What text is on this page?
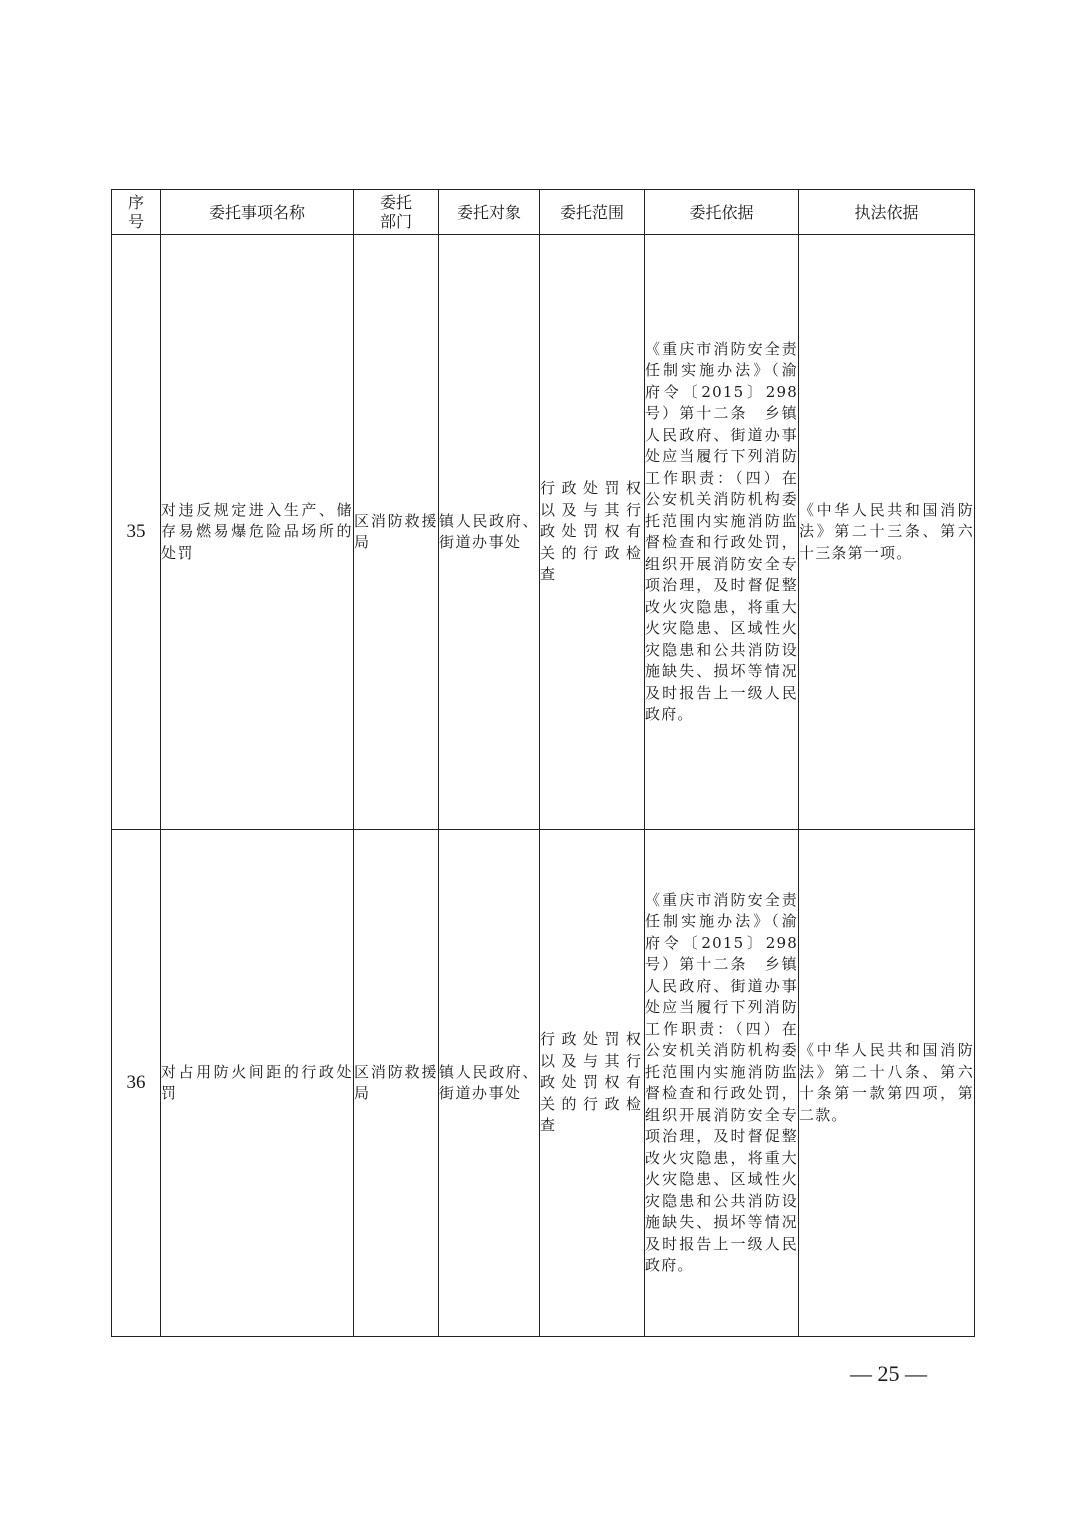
序号	委托事项名称	委托部门	委托对象	委托范围	委托依据	执法依据
35	对违反规定进入生产、储存易燃易爆危险品场所的处罚	区消防救援局	镇人民政府、街道办事处	行政处罚权以及与其行政处罚权有关的行政检查	《重庆市消防安全责任制实施办法》（渝府令〔2015〕298号）第十二条　乡镇人民政府、街道办事处应当履行下列消防工作职责：（四）在公安机关消防机构委托范围内实施消防监督检查和行政处罚，组织开展消防安全专项治理，及时督促整改火灾隐患，将重大火灾隐患、区域性火灾隐患和公共消防设施缺失、损坏等情况及时报告上一级人民政府。	《中华人民共和国消防法》第二十三条、第六十三条第一项。
36	对占用防火间距的行政处罚	区消防救援局	镇人民政府、街道办事处	行政处罚权以及与其行政处罚权有关的行政检查	《重庆市消防安全责任制实施办法》（渝府令〔2015〕298号）第十二条　乡镇人民政府、街道办事处应当履行下列消防工作职责：（四）在公安机关消防机构委托范围内实施消防监督检查和行政处罚，组织开展消防安全专项治理，及时督促整改火灾隐患，将重大火灾隐患、区域性火灾隐患和公共消防设施缺失、损坏等情况及时报告上一级人民政府。	《中华人民共和国消防法》第二十八条、第六十条第一款第四项，第二款。
— 25 —
